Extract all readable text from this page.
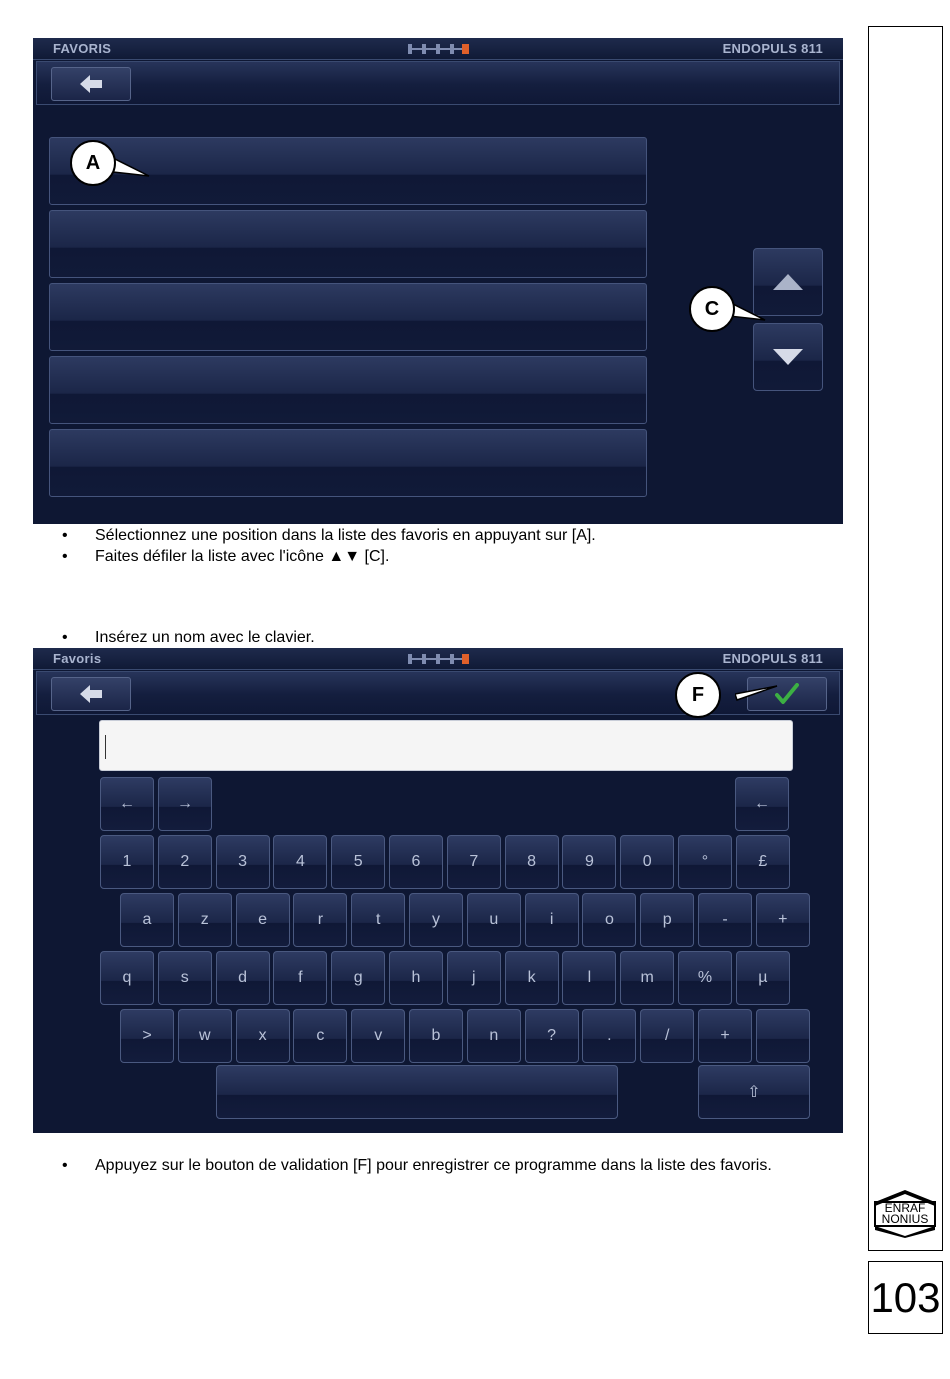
ENRAF
NONIUS
103
FAVORIS	ENDOPULS 811
A
C
• Sélectionnez une position dans la liste des favoris en appuyant sur [A].
• Faites défiler la liste avec l'icône ▲▼ [C].
• Insérez un nom avec le clavier.
Favoris	ENDOPULS 811
F
←	→	←
⇧
1	2	3	4	5	6	7	8	9	0	°	£
a	z	e	r	t	y	u	i	o	p	-	+
q	s	d	f	g	h	j	k	l	m	%	µ
>	w	x	c	v	b	n	?	.	/	+
• Appuyez sur le bouton de validation [F] pour enregistrer ce programme dans la liste des favoris.
